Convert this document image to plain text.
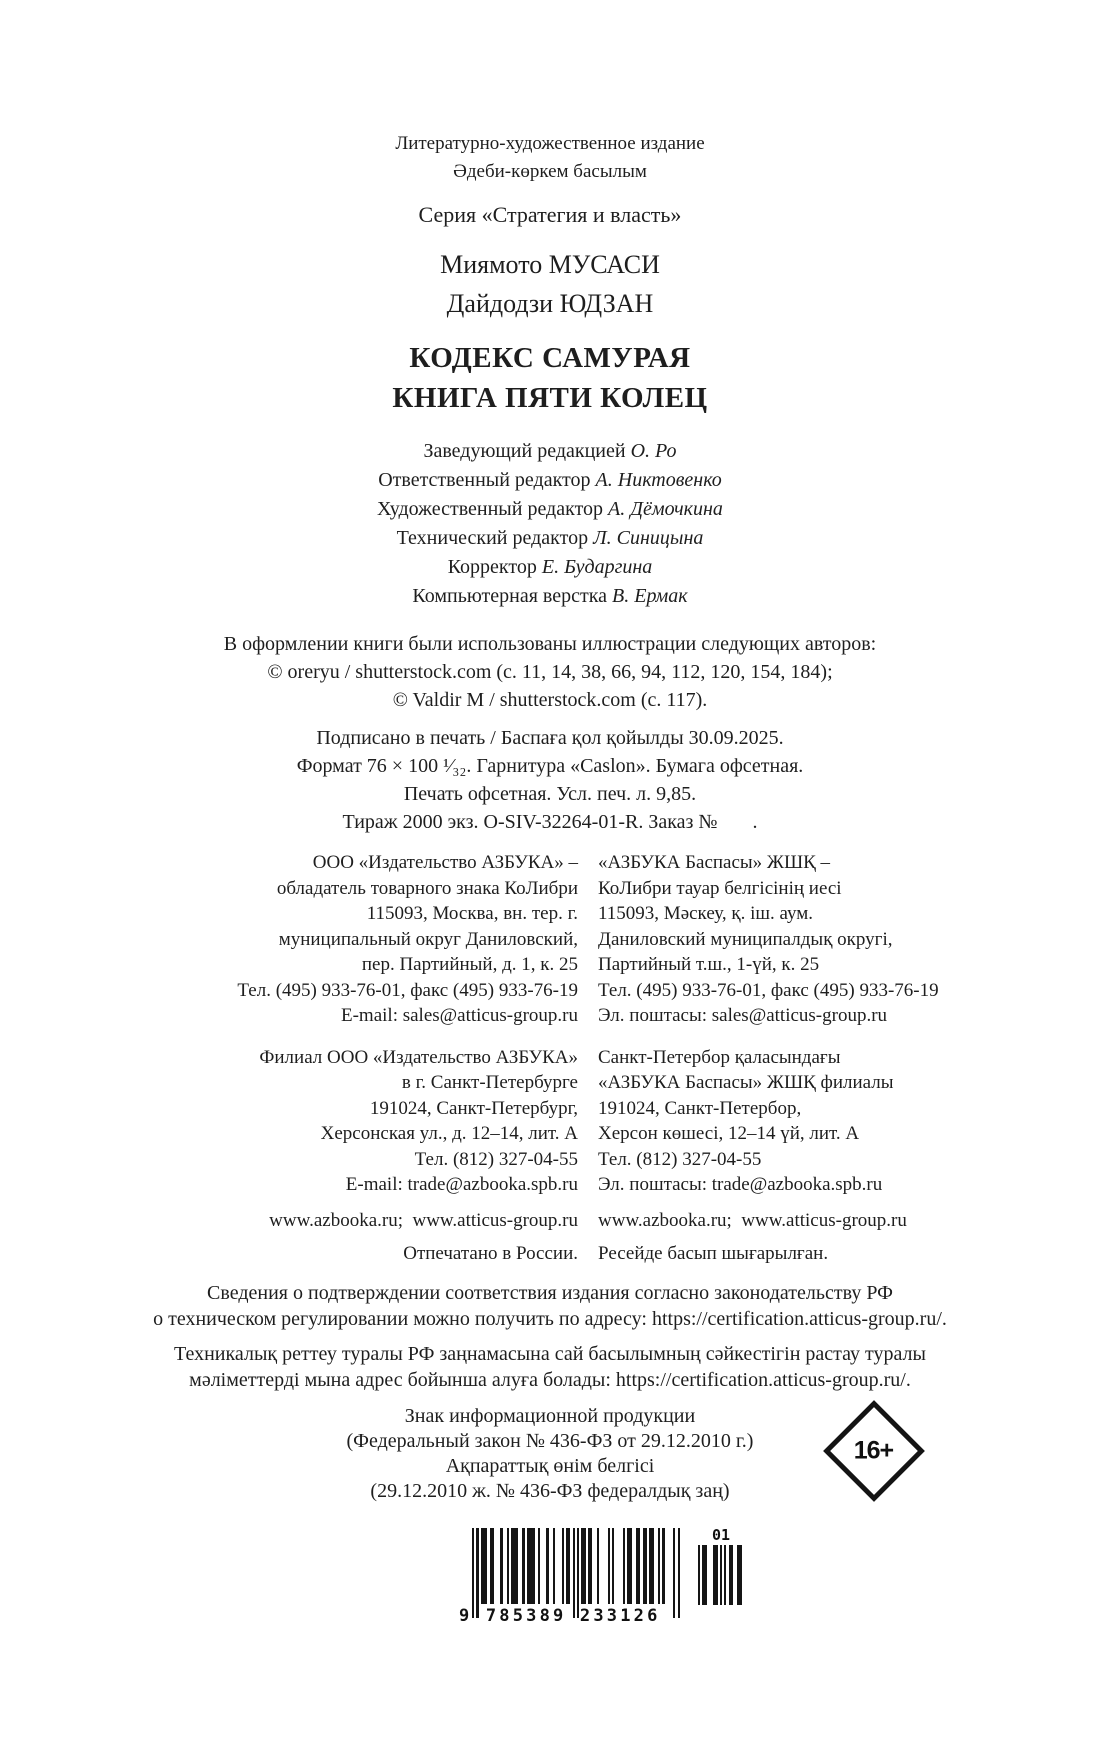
Литературно-художественное издание

Әдеби-көркем басылым

Серия «Стратегия и власть»

Миямото МУСАСИ

Дайдодзи ЮДЗАН

КОДЕКС САМУРАЯ

КНИГА ПЯТИ КОЛЕЦ

Заведующий редакцией О. Ро

Ответственный редактор А. Никтовенко

Художественный редактор А. Дёмочкина

Технический редактор Л. Синицына

Корректор Е. Бударгина

Компьютерная верстка В. Ермак

В оформлении книги были использованы иллюстрации следующих авторов:

© oreryu / shutterstock.com (с. 11, 14, 38, 66, 94, 112, 120, 154, 184);

© Valdir M / shutterstock.com (с. 117).

Подписано в печать / Баспаға қол қойылды 30.09.2025.

Формат 76 × 100 ¹⁄₃₂. Гарнитура «Caslon». Бумага офсетная.

Печать офсетная. Усл. печ. л. 9,85.

Тираж 2000 экз. O-SIV-32264-01-R. Заказ №       .

ООО «Издательство АЗБУКА» –

обладатель товарного знака КоЛибри

115093, Москва, вн. тер. г.

муниципальный округ Даниловский,

пер. Партийный, д. 1, к. 25

Тел. (495) 933-76-01, факс (495) 933-76-19

E-mail: sales@atticus-group.ru

Филиал ООО «Издательство АЗБУКА»

в г. Санкт-Петербурге

191024, Санкт-Петербург,

Херсонская ул., д. 12–14, лит. А

Тел. (812) 327-04-55

E-mail: trade@azbooka.spb.ru

www.azbooka.ru;  www.atticus-group.ru

Отпечатано в России.

«АЗБУКА Баспасы» ЖШҚ –

КоЛибри тауар белгісінің иесі

115093, Мәскеу, қ. іш. аум.

Даниловский муниципалдық округі,

Партийный т.ш., 1-үй, к. 25

Тел. (495) 933-76-01, факс (495) 933-76-19

Эл. поштасы: sales@atticus-group.ru

Санкт-Петербор қаласындағы

«АЗБУКА Баспасы» ЖШҚ филиалы

191024, Санкт-Петербор,

Херсон көшесі, 12–14 үй, лит. А

Тел. (812) 327-04-55

Эл. поштасы: trade@azbooka.spb.ru

www.azbooka.ru;  www.atticus-group.ru

Ресейде басып шығарылған.

Сведения о подтверждении соответствия издания согласно законодательству РФ

о техническом регулировании можно получить по адресу: https://certification.atticus-group.ru/.

Техникалық реттеу туралы РФ заңнамасына сай басылымның сәйкестігін растау туралы

мәліметтерді мына адрес бойынша алуға болады: https://certification.atticus-group.ru/.

Знак информационной продукции

(Федеральный закон № 436-ФЗ от 29.12.2010 г.)

Ақпараттық өнім белгісі

(29.12.2010 ж. № 436-ФЗ федералдық заң)

16+
9 785389 233126
01
